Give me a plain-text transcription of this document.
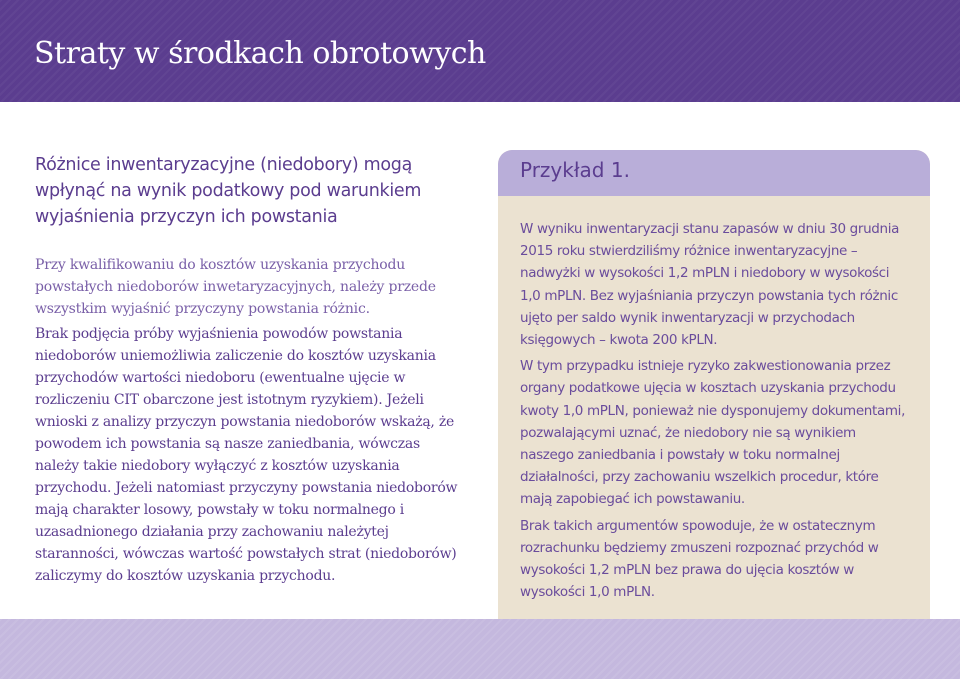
Straty w środkach obrotowych

Różnice inwentaryzacyjne (niedobory) mogą wpłynąć na wynik podatkowy pod warunkiem wyjaśnienia przyczyn ich powstania

Przy kwalifikowaniu do kosztów uzyskania przychodu powstałych niedoborów inwetaryzacyjnych, należy przede wszystkim wyjaśnić przyczyny powstania różnic.

Brak podjęcia próby wyjaśnienia powodów powstania niedoborów uniemożliwia zaliczenie do kosztów uzyskania przychodów wartości niedoboru (ewentualne ujęcie w rozliczeniu CIT obarczone jest istotnym ryzykiem). Jeżeli wnioski z analizy przyczyn powstania niedoborów wskażą, że powodem ich powstania są nasze zaniedbania, wówczas należy takie niedobory wyłączyć z kosztów uzyskania przychodu. Jeżeli natomiast przyczyny powstania niedoborów mają charakter losowy, powstały w toku normalnego i uzasadnionego działania przy zachowaniu należytej staranności, wówczas wartość powstałych strat (niedoborów) zaliczymy do kosztów uzyskania przychodu.

Przykład 1.

W wyniku inwentaryzacji stanu zapasów w dniu 30 grudnia 2015 roku stwierdziliśmy różnice inwentaryzacyjne – nadwyżki w wysokości 1,2 mPLN i niedobory w wysokości 1,0 mPLN. Bez wyjaśniania przyczyn powstania tych różnic ujęto per saldo wynik inwentaryzacji w przychodach księgowych – kwota 200 kPLN.

W tym przypadku istnieje ryzyko zakwestionowania przez organy podatkowe ujęcia w kosztach uzyskania przychodu kwoty 1,0 mPLN, ponieważ nie dysponujemy dokumentami, pozwalającymi uznać, że niedobory nie są wynikiem naszego zaniedbania i powstały w toku normalnej działalności, przy zachowaniu wszelkich procedur, które mają zapobiegać ich powstawaniu.

Brak takich argumentów spowoduje, że w ostatecznym rozrachunku będziemy zmuszeni rozpoznać przychód w wysokości 1,2 mPLN bez prawa do ujęcia kosztów w wysokości 1,0 mPLN.
